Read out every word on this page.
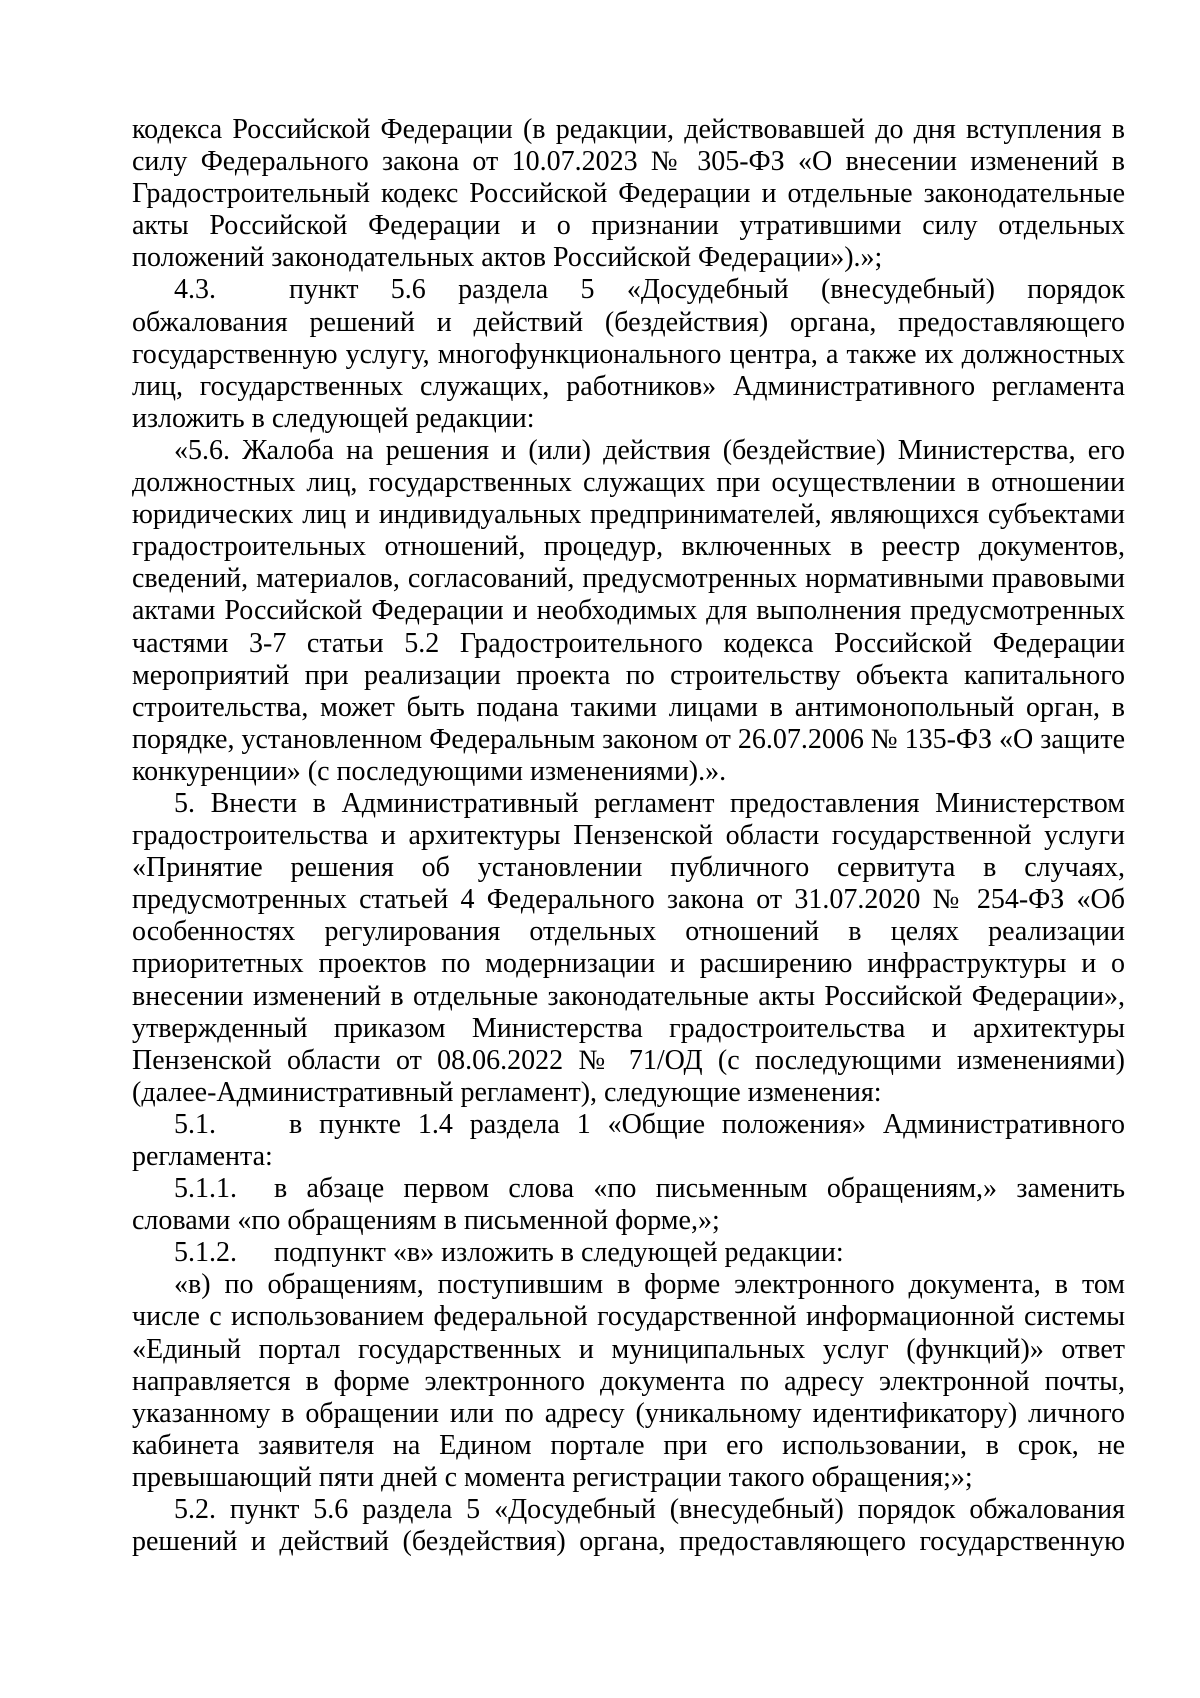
кодекса Российской Федерации (в редакции, действовавшей до дня вступления в силу Федерального закона от 10.07.2023 № 305-ФЗ «О внесении изменений в Градостроительный кодекс Российской Федерации и отдельные законодательные акты Российской Федерации и о признании утратившими силу отдельных положений законодательных актов Российской Федерации»).»;

4.3.	пункт 5.6 раздела 5 «Досудебный (внесудебный) порядок обжалования решений и действий (бездействия) органа, предоставляющего государственную услугу, многофункционального центра, а также их должностных лиц, государственных служащих, работников» Административного регламента изложить в следующей редакции:

«5.6. Жалоба на решения и (или) действия (бездействие) Министерства, его должностных лиц, государственных служащих при осуществлении в отношении юридических лиц и индивидуальных предпринимателей, являющихся субъектами градостроительных отношений, процедур, включенных в реестр документов, сведений, материалов, согласований, предусмотренных нормативными правовыми актами Российской Федерации и необходимых для выполнения предусмотренных частями 3-7 статьи 5.2 Градостроительного кодекса Российской Федерации мероприятий при реализации проекта по строительству объекта капитального строительства, может быть подана такими лицами в антимонопольный орган, в порядке, установленном Федеральным законом от 26.07.2006 № 135-ФЗ «О защите конкуренции» (с последующими изменениями).».

5. Внести в Административный регламент предоставления Министерством градостроительства и архитектуры Пензенской области государственной услуги «Принятие решения об установлении публичного сервитута в случаях, предусмотренных статьей 4 Федерального закона от 31.07.2020 № 254-ФЗ «Об особенностях регулирования отдельных отношений в целях реализации приоритетных проектов по модернизации и расширению инфраструктуры и о внесении изменений в отдельные законодательные акты Российской Федерации», утвержденный приказом Министерства градостроительства и архитектуры Пензенской области от 08.06.2022 № 71/ОД (с последующими изменениями) (далее-Административный регламент), следующие изменения:

5.1.	в пункте 1.4 раздела 1 «Общие положения» Административного регламента:

5.1.1. в абзаце первом слова «по письменным обращениям,» заменить словами «по обращениям в письменной форме,»;

5.1.2. подпункт «в» изложить в следующей редакции:

«в) по обращениям, поступившим в форме электронного документа, в том числе с использованием федеральной государственной информационной системы «Единый портал государственных и муниципальных услуг (функций)» ответ направляется в форме электронного документа по адресу электронной почты, указанному в обращении или по адресу (уникальному идентификатору) личного кабинета заявителя на Едином портале при его использовании, в срок, не превышающий пяти дней с момента регистрации такого обращения;»;

5.2. пункт 5.6 раздела 5 «Досудебный (внесудебный) порядок обжалования решений и действий (бездействия) органа, предоставляющего государственную
